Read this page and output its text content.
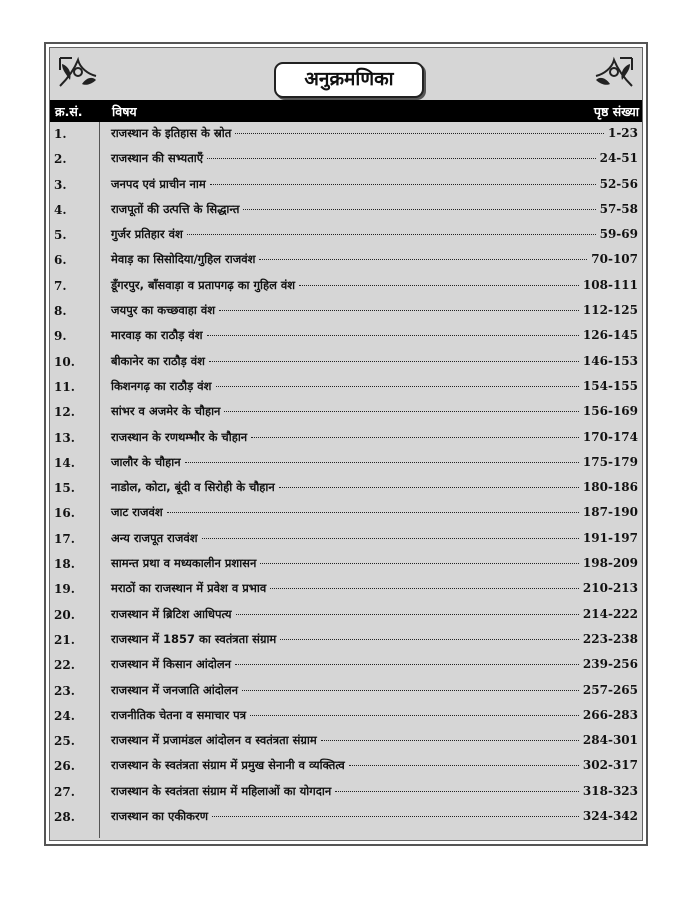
अनुक्रमणिका
क्र.सं. विषय	पृष्ठ संख्या
1.	राजस्थान के इतिहास के स्रोत	1-23
2.	राजस्थान की सभ्यताएँ	24-51
3.	जनपद एवं प्राचीन नाम	52-56
4.	राजपूतों की उत्पत्ति के सिद्धान्त	57-58
5.	गुर्जर प्रतिहार वंश	59-69
6.	मेवाड़ का सिसोदिया/गुहिल राजवंश	70-107
7.	डूँगरपुर, बाँसवाड़ा व प्रतापगढ़ का गुहिल वंश	108-111
8.	जयपुर का कच्छवाहा वंश	112-125
9.	मारवाड़ का राठौड़ वंश	126-145
10.	बीकानेर का राठौड़ वंश	146-153
11.	किशनगढ़ का राठौड़ वंश	154-155
12.	सांभर व अजमेर के चौहान	156-169
13.	राजस्थान के रणथम्भौर के चौहान	170-174
14.	जालौर के चौहान	175-179
15.	नाडोल, कोटा, बूंदी व सिरोही के चौहान	180-186
16.	जाट राजवंश	187-190
17.	अन्य राजपूत राजवंश	191-197
18.	सामन्त प्रथा व मध्यकालीन प्रशासन	198-209
19.	मराठों का राजस्थान में प्रवेश व प्रभाव	210-213
20.	राजस्थान में ब्रिटिश आधिपत्य	214-222
21.	राजस्थान में 1857 का स्वतंत्रता संग्राम	223-238
22.	राजस्थान में किसान आंदोलन	239-256
23.	राजस्थान में जनजाति आंदोलन	257-265
24.	राजनीतिक चेतना व समाचार पत्र	266-283
25.	राजस्थान में प्रजामंडल आंदोलन व स्वतंत्रता संग्राम	284-301
26.	राजस्थान के स्वतंत्रता संग्राम में प्रमुख सेनानी व व्यक्तित्व	302-317
27.	राजस्थान के स्वतंत्रता संग्राम में महिलाओं का योगदान	318-323
28.	राजस्थान का एकीकरण	324-342
